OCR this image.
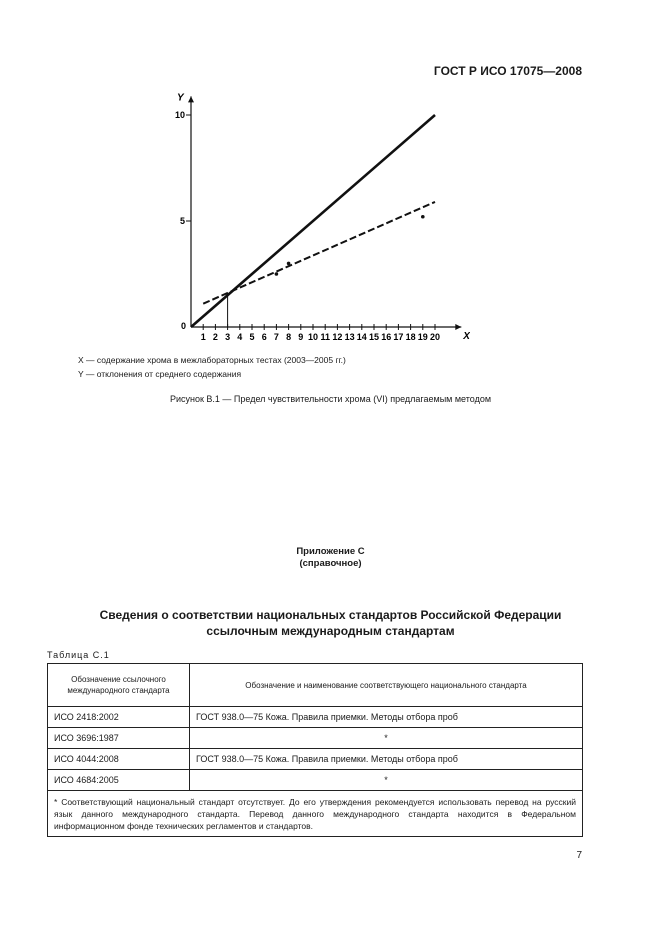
ГОСТ Р ИСО 17075—2008
X
Y
1 2 3 4 5 6 7 8 9 10 11 12 13 14 15 16 17 18 19 20
0
5
10
X — содержание хрома в межлабораторных тестах (2003—2005 гг.)
Y — отклонения от среднего содержания
Рисунок В.1 — Предел чувствительности хрома (VI) предлагаемым методом
Приложение С
(справочное)
Сведения о соответствии национальных стандартов Российской Федерации
ссылочным международным стандартам
Таблица С.1
Обозначение ссылочного международного стандарта	Обозначение и наименование соответствующего национального стандарта
ИСО 2418:2002	ГОСТ 938.0—75 Кожа. Правила приемки. Методы отбора проб
ИСО 3696:1987	*
ИСО 4044:2008	ГОСТ 938.0—75 Кожа. Правила приемки. Методы отбора проб
ИСО 4684:2005	*
* Соответствующий национальный стандарт отсутствует. До его утверждения рекомендуется использовать перевод на русский язык данного международного стандарта. Перевод данного международного стандарта находится в Федеральном информационном фонде технических регламентов и стандартов.	
7
